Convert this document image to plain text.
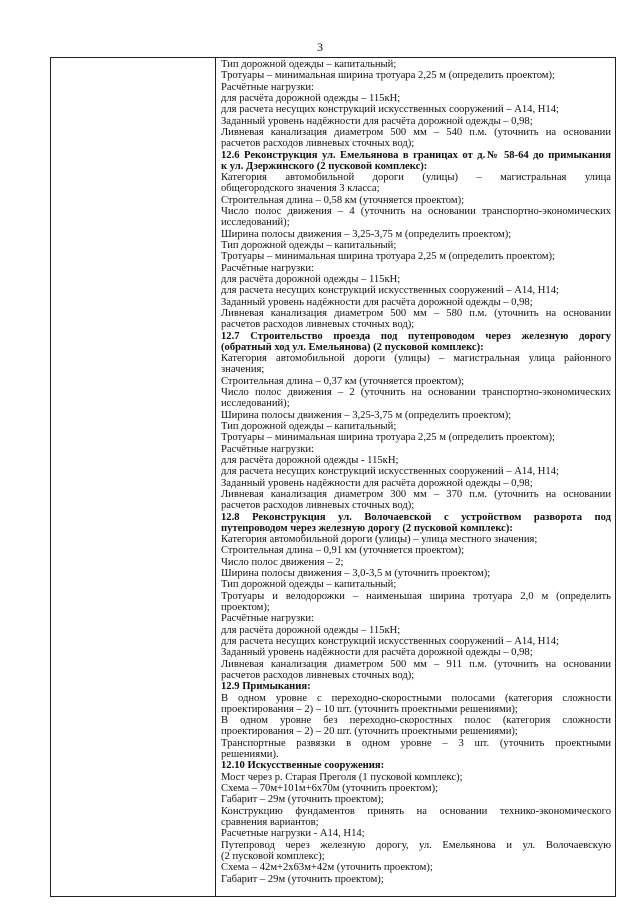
3
Тип дорожной одежды – капитальный;
Тротуары – минимальная ширина тротуара 2,25 м (определить проектом);
Расчётные нагрузки:
для расчёта дорожной одежды – 115кН;
для расчета несущих конструкций искусственных сооружений – А14, Н14;
Заданный уровень надёжности для расчёта дорожной одежды – 0,98;
Ливневая канализация диаметром 500 мм – 540 п.м. (уточнить на основании
расчетов расходов ливневых сточных вод);
12.6 Реконструкция ул. Емельянова в границах от д.№ 58-64 до примыкания
к ул. Дзержинского (2 пусковой комплекс):
Категория автомобильной дороги (улицы) – магистральная улица
общегородского значения 3 класса;
Строительная длина – 0,58 км (уточняется проектом);
Число полос движения – 4 (уточнить на основании транспортно-экономических
исследований);
Ширина полосы движения – 3,25-3,75 м (определить проектом);
Тип дорожной одежды – капитальный;
Тротуары – минимальная ширина тротуара 2,25 м (определить проектом);
Расчётные нагрузки:
для расчёта дорожной одежды – 115кН;
для расчета несущих конструкций искусственных сооружений – А14, Н14;
Заданный уровень надёжности для расчёта дорожной одежды – 0,98;
Ливневая канализация диаметром 500 мм – 580 п.м. (уточнить на основании
расчетов расходов ливневых сточных вод);
12.7 Строительство проезда под путепроводом через железную дорогу
(обратный ход ул. Емельянова) (2 пусковой комплекс):
Категория автомобильной дороги (улицы) – магистральная улица районного
значения;
Строительная длина – 0,37 км (уточняется проектом);
Число полос движения – 2 (уточнить на основании транспортно-экономических
исследований);
Ширина полосы движения – 3,25-3,75 м (определить проектом);
Тип дорожной одежды – капитальный;
Тротуары – минимальная ширина тротуара 2,25 м (определить проектом);
Расчётные нагрузки:
для расчёта дорожной одежды - 115кН;
для расчета несущих конструкций искусственных сооружений – А14, Н14;
Заданный уровень надёжности для расчёта дорожной одежды – 0,98;
Ливневая канализация диаметром 300 мм – 370 п.м. (уточнить на основании
расчетов расходов ливневых сточных вод);
12.8 Реконструкция ул. Волочаевской с устройством разворота под
путепроводом через железную дорогу (2 пусковой комплекс):
Категория автомобильной дороги (улицы) – улица местного значения;
Строительная длина – 0,91 км (уточняется проектом);
Число полос движения – 2;
Ширина полосы движения – 3,0-3,5 м (уточнить проектом);
Тип дорожной одежды – капитальный;
Тротуары и велодорожки – наименьшая ширина тротуара 2,0 м (определить
проектом);
Расчётные нагрузки:
для расчёта дорожной одежды – 115кН;
для расчета несущих конструкций искусственных сооружений – А14, Н14;
Заданный уровень надёжности для расчёта дорожной одежды – 0,98;
Ливневая канализация диаметром 500 мм – 911 п.м. (уточнить на основании
расчетов расходов ливневых сточных вод);
12.9 Примыкания:
В одном уровне с переходно-скоростными полосами (категория сложности
проектирования – 2) – 10 шт. (уточнить проектными решениями);
В одном уровне без переходно-скоростных полос (категория сложности
проектирования – 2) – 20 шт. (уточнить проектными решениями);
Транспортные развязки в одном уровне – 3 шт. (уточнить проектными
решениями).
12.10 Искусственные сооружения:
Мост через р. Старая Преголя (1 пусковой комплекс);
Схема – 70м+101м+6х70м (уточнить проектом);
Габарит – 29м (уточнить проектом);
Конструкцию фундаментов принять на основании технико-экономического
сравнения вариантов;
Расчетные нагрузки - А14, Н14;
Путепровод через железную дорогу, ул. Емельянова и ул. Волочаевскую
(2 пусковой комплекс);
Схема – 42м+2х63м+42м (уточнить проектом);
Габарит – 29м (уточнить проектом);
